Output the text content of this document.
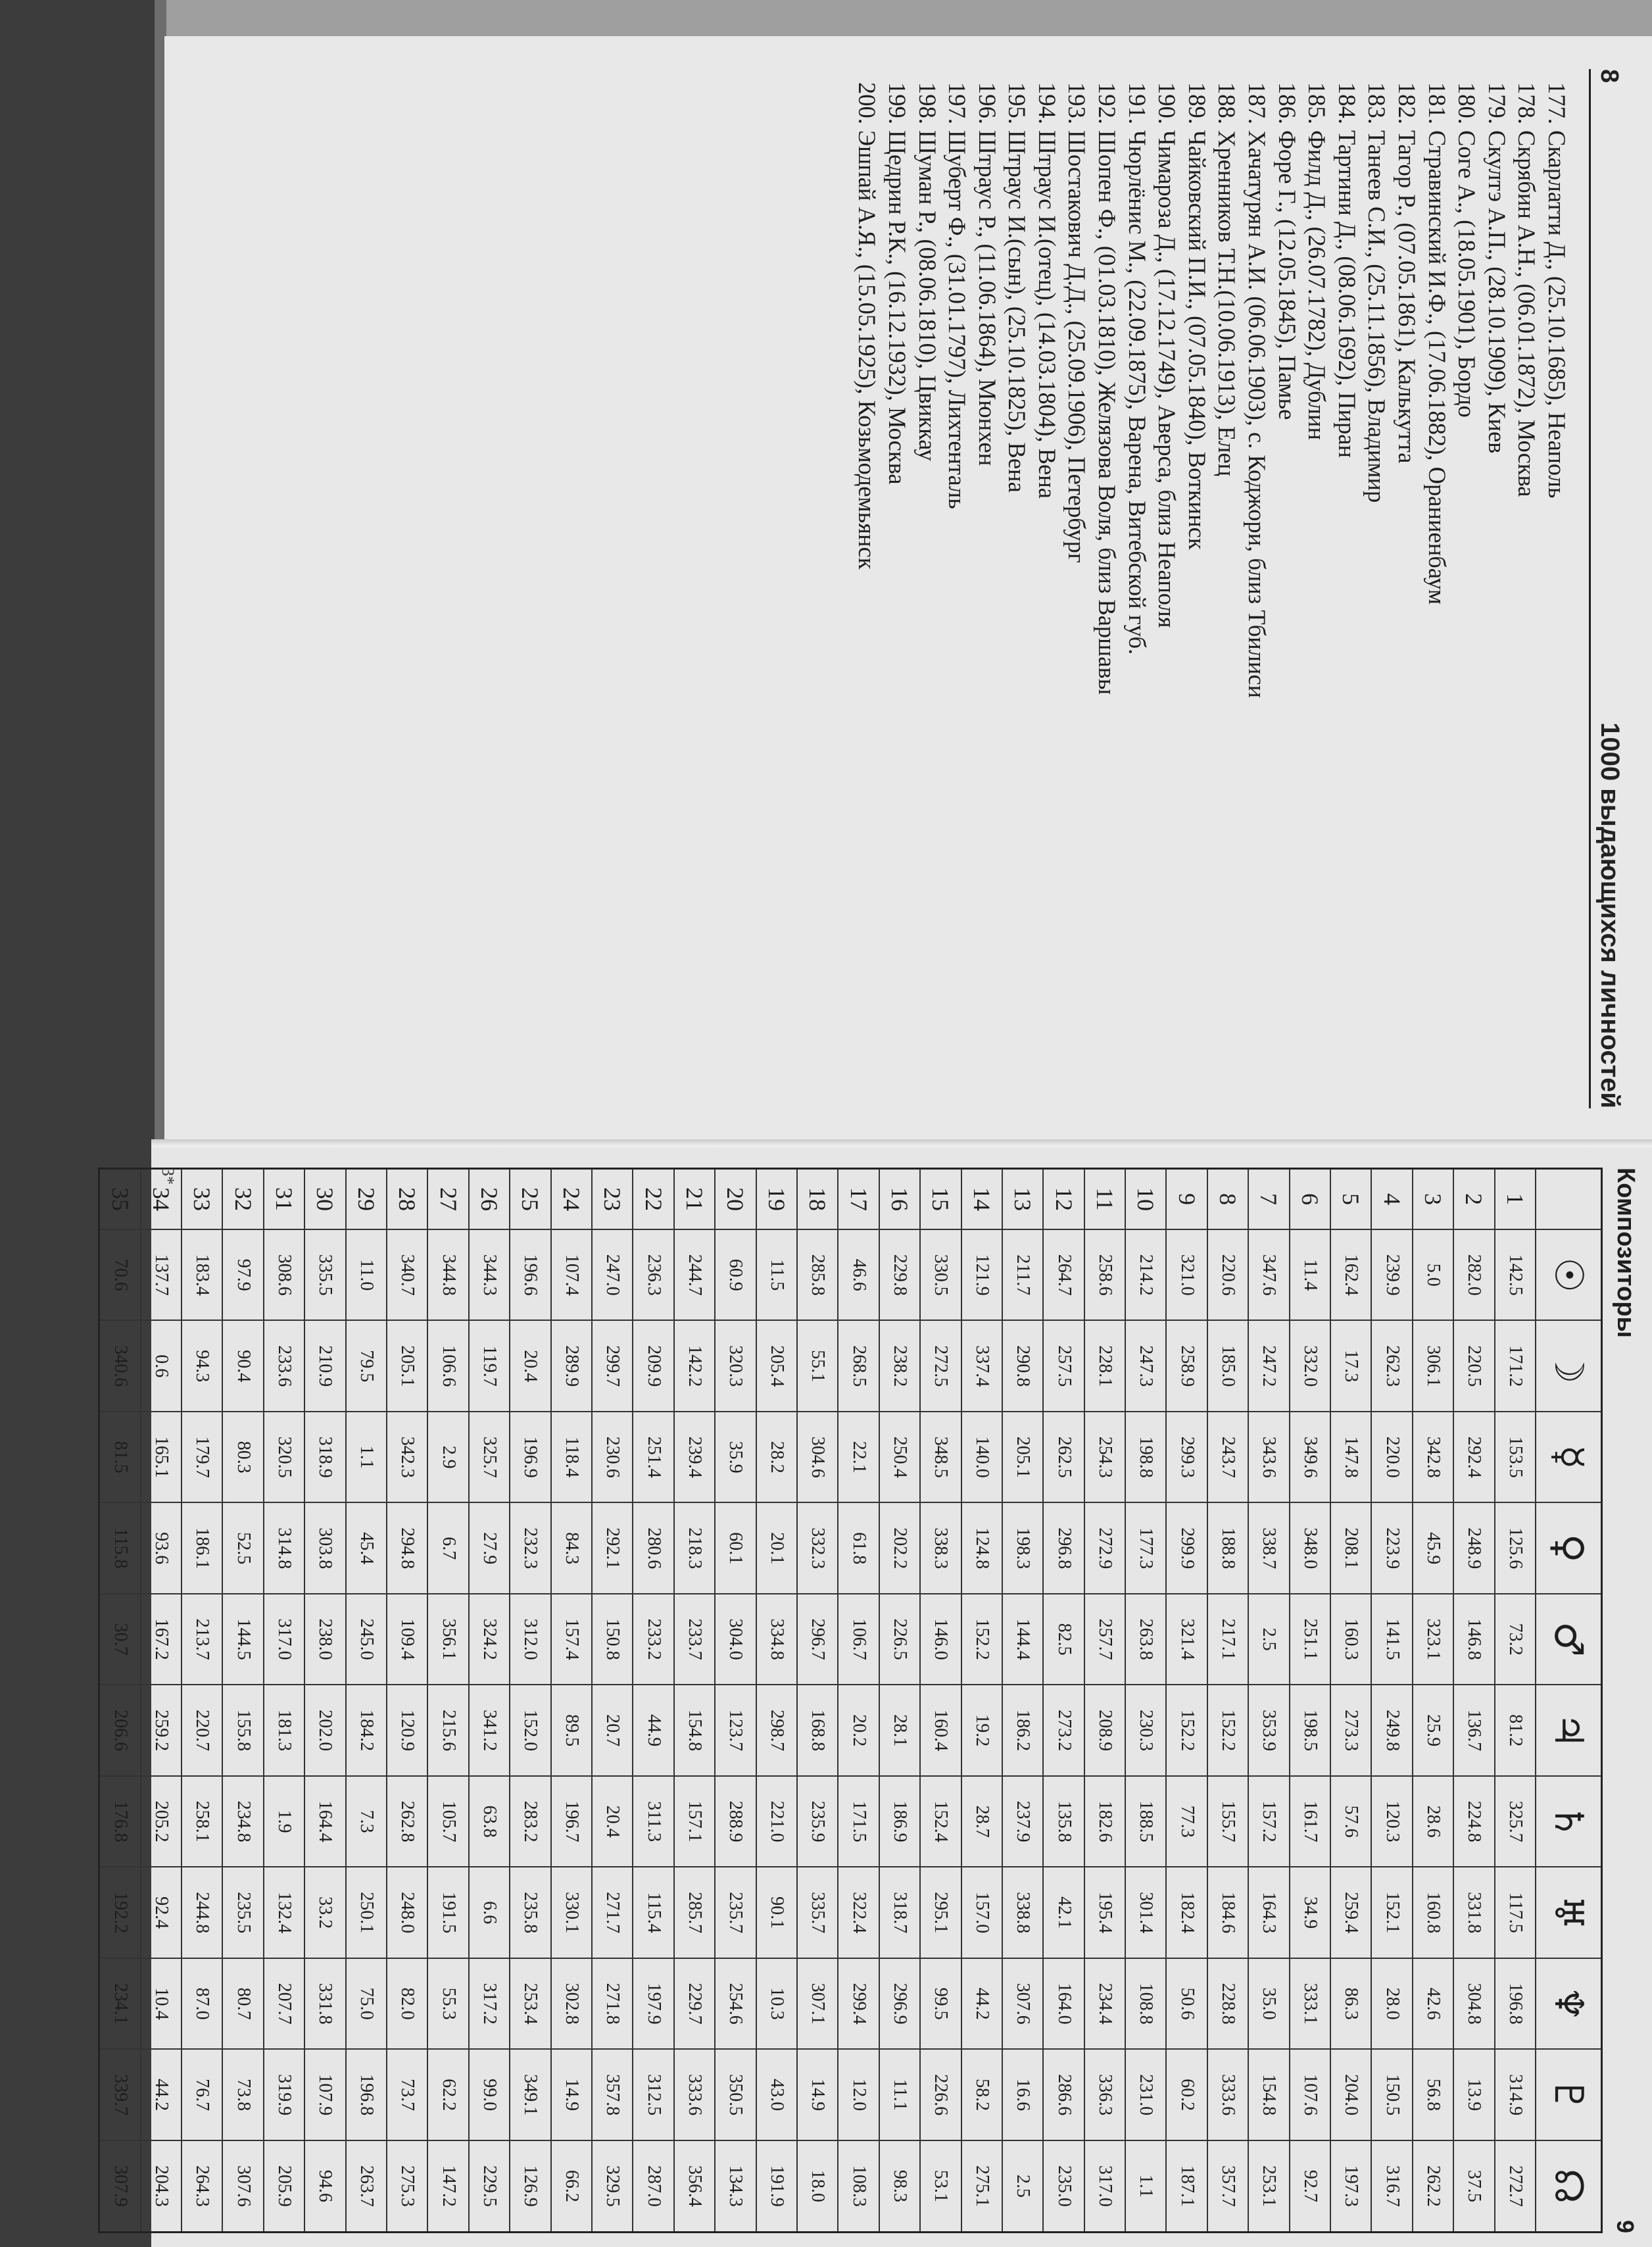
8
1000 выдающихся личностей
177. Скарлатти Д., (25.10.1685), Неаполь
178. Скрябин А.Н., (06.01.1872), Москва
179. Скултэ А.П., (28.10.1909), Киев
180. Соге А., (18.05.1901), Бордо
181. Стравинский И.Ф., (17.06.1882), Ораниенбаум
182. Тагор Р., (07.05.1861), Калькутта
183. Танеев С.И., (25.11.1856), Владимир
184. Тартини Д., (08.06.1692), Пиран
185. Филд Д., (26.07.1782), Дублин
186. Форе Г., (12.05.1845), Памье
187. Хачатурян А.И. (06.06.1903), с. Коджори, близ Тбилиси
188. Хренников Т.Н.(10.06.1913), Елец
189. Чайковский П.И., (07.05.1840), Воткинск
190. Чимароза Д., (17.12.1749), Аверса, близ Неаполя
191. Чюрлёнис М., (22.09.1875), Варена, Витебской губ.
192. Шопен Ф., (01.03.1810), Желязова Воля, близ Варшавы
193. Шостакович Д.Д., (25.09.1906), Петербург
194. Штраус И.(отец), (14.03.1804), Вена
195. Штраус И.(сын), (25.10.1825), Вена
196. Штраус Р., (11.06.1864), Мюнхен
197. Шуберт Ф., (31.01.1797), Лихтенталь
198. Шуман Р., (08.06.1810), Цвиккау
199. Щедрин Р.К., (16.12.1932), Москва
200. Эшпай А.Я., (15.05.1925), Козьмодемьянск
Композиторы
9
	☉	☽	☿	♀	♂	♃	♄	♅	♆	♇	☊
1	142.5	171.2	153.5	125.6	73.2	81.2	325.7	117.5	196.8	314.9	272.7
2	282.0	220.5	292.4	248.9	146.8	136.7	224.8	331.8	304.8	13.9	37.5
3	5.0	306.1	342.8	45.9	323.1	25.9	28.6	160.8	42.6	56.8	262.2
4	239.9	262.3	220.0	223.9	141.5	249.8	120.3	152.1	28.0	150.5	316.7
5	162.4	17.3	147.8	208.1	160.3	273.3	57.6	259.4	86.3	204.0	197.3
6	11.4	332.0	349.6	348.0	251.1	198.5	161.7	34.9	333.1	107.6	92.7
7	347.6	247.2	343.6	338.7	2.5	353.9	157.2	164.3	35.0	154.8	253.1
8	220.6	185.0	243.7	188.8	217.1	152.2	155.7	184.6	228.8	333.6	357.7
9	321.0	258.9	299.3	299.9	321.4	152.2	77.3	182.4	50.6	60.2	187.1
10	214.2	247.3	198.8	177.3	263.8	230.3	188.5	301.4	108.8	231.0	1.1
11	258.6	228.1	254.3	272.9	257.7	208.9	182.6	195.4	234.4	336.3	317.0
12	264.7	257.5	262.5	296.8	82.5	273.2	135.8	42.1	164.0	286.6	235.0
13	211.7	290.8	205.1	198.3	144.4	186.2	237.9	338.8	307.6	16.6	2.5
14	121.9	337.4	140.0	124.8	152.2	19.2	28.7	157.0	44.2	58.2	275.1
15	330.5	272.5	348.5	338.3	146.0	160.4	152.4	295.1	99.5	226.6	53.1
16	229.8	238.2	250.4	202.2	226.5	28.1	186.9	318.7	296.9	11.1	98.3
17	46.6	268.5	22.1	61.8	106.7	20.2	171.5	322.4	299.4	12.0	108.3
18	285.8	55.1	304.6	332.3	296.7	168.8	235.9	335.7	307.1	14.9	18.0
19	11.5	205.4	28.2	20.1	334.8	298.7	221.0	90.1	10.3	43.0	191.9
20	60.9	320.3	35.9	60.1	304.0	123.7	288.9	235.7	254.6	350.5	134.3
21	244.7	142.2	239.4	218.3	233.7	154.8	157.1	285.7	229.7	333.6	356.4
22	236.3	209.9	251.4	280.6	233.2	44.9	311.3	115.4	197.9	312.5	287.0
23	247.0	299.7	230.6	292.1	150.8	20.7	20.4	271.7	271.8	357.8	329.5
24	107.4	289.9	118.4	84.3	157.4	89.5	196.7	330.1	302.8	14.9	66.2
25	196.6	20.4	196.9	232.3	312.0	152.0	283.2	235.8	253.4	349.1	126.9
26	344.3	119.7	325.7	27.9	324.2	341.2	63.8	6.6	317.2	99.0	229.5
27	344.8	106.6	2.9	6.7	356.1	215.6	105.7	191.5	55.3	62.2	147.2
28	340.7	205.1	342.3	294.8	109.4	120.9	262.8	248.0	82.0	73.7	275.3
29	11.0	79.5	1.1	45.4	245.0	184.2	7.3	250.1	75.0	196.8	263.7
30	335.5	210.9	318.9	303.8	238.0	202.0	164.4	33.2	331.8	107.9	94.6
31	308.6	233.6	320.5	314.8	317.0	181.3	1.9	132.4	207.7	319.9	205.9
32	97.9	90.4	80.3	52.5	144.5	155.8	234.8	235.5	80.7	73.8	307.6
33	183.4	94.3	179.7	186.1	213.7	220.7	258.1	244.8	87.0	76.7	264.3
34	137.7	0.6	165.1	93.6	167.2	259.2	205.2	92.4	10.4	44.2	204.3
35	70.6	340.6	81.5	115.8	30.7	206.6	176.8	192.2	234.1	339.7	307.9
3*
